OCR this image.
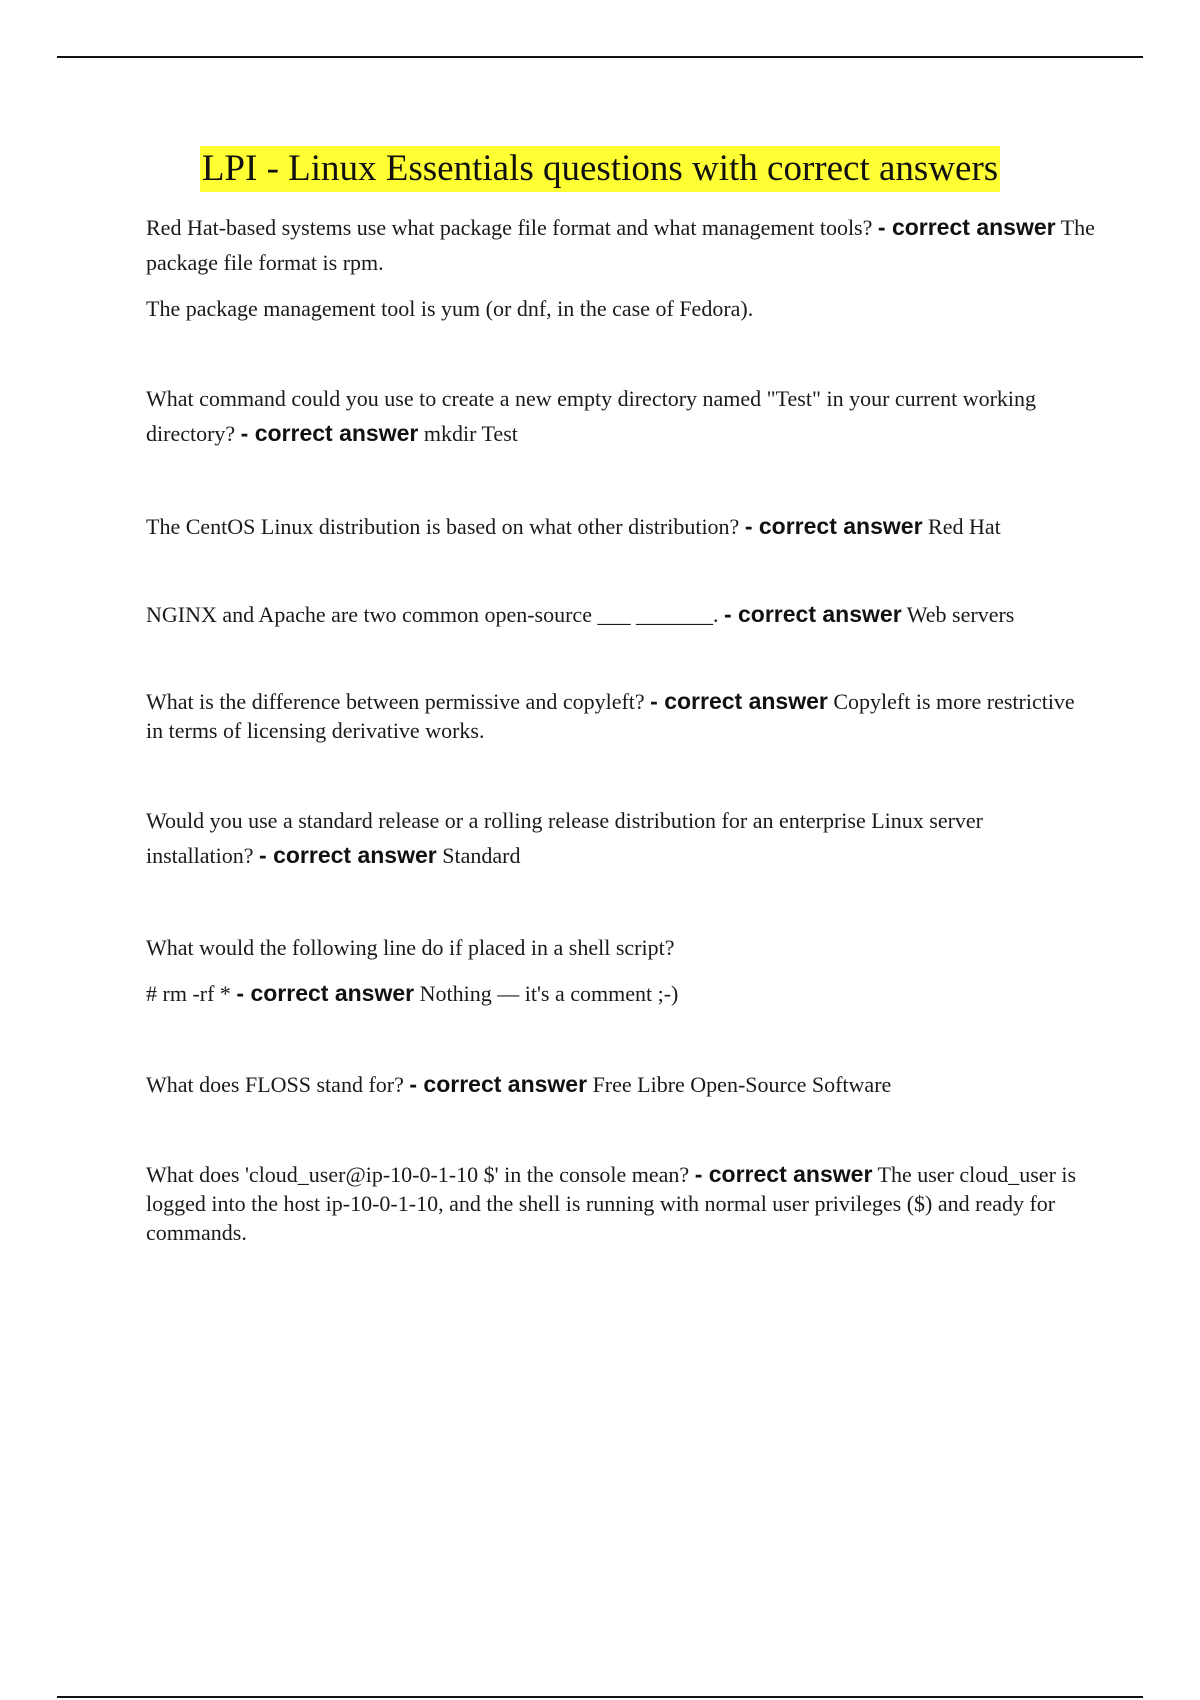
LPI - Linux Essentials questions with correct answers

Red Hat-based systems use what package file format and what management tools? - correct answer The package file format is rpm.

The package management tool is yum (or dnf, in the case of Fedora).

What command could you use to create a new empty directory named "Test" in your current working directory? - correct answer mkdir Test

The CentOS Linux distribution is based on what other distribution? - correct answer Red Hat

NGINX and Apache are two common open-source ___ _______. - correct answer Web servers

What is the difference between permissive and copyleft? - correct answer Copyleft is more restrictive in terms of licensing derivative works.

Would you use a standard release or a rolling release distribution for an enterprise Linux server installation? - correct answer Standard

What would the following line do if placed in a shell script?

# rm -rf * - correct answer Nothing — it's a comment ;-)

What does FLOSS stand for? - correct answer Free Libre Open-Source Software

What does 'cloud_user@ip-10-0-1-10 $' in the console mean? - correct answer The user cloud_user is logged into the host ip-10-0-1-10, and the shell is running with normal user privileges ($) and ready for commands.
